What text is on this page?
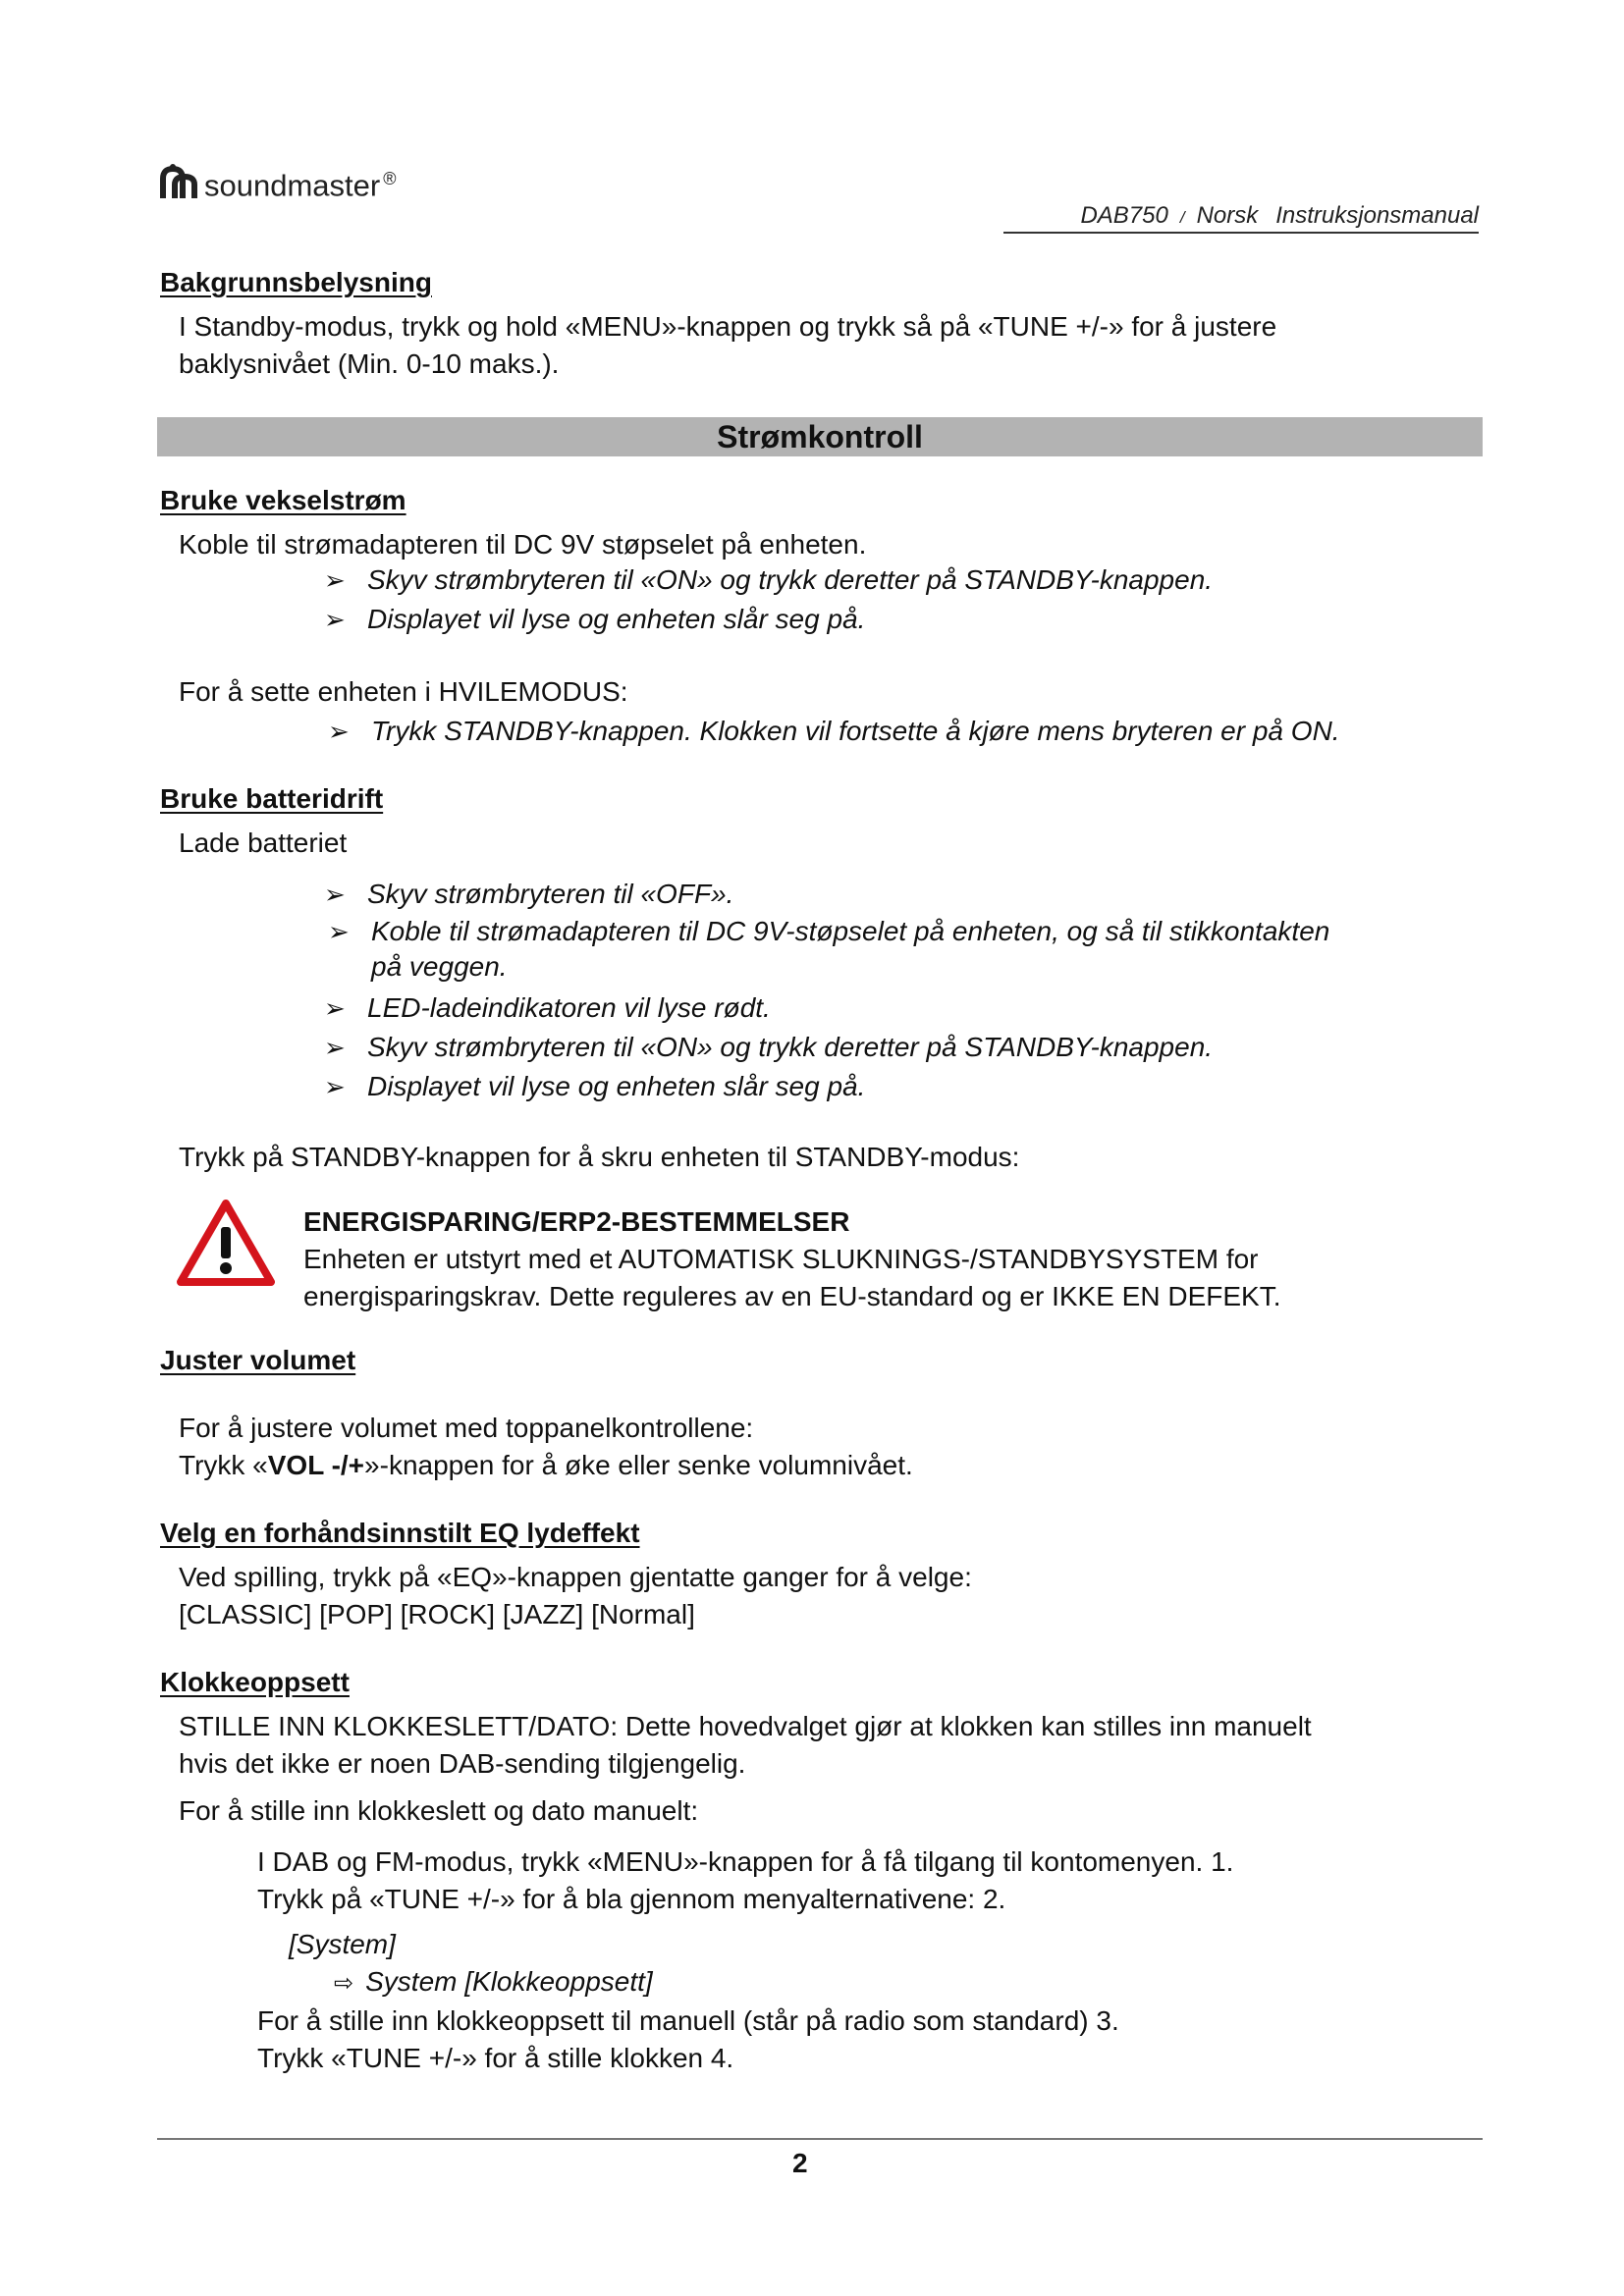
soundmaster ®
DAB750 / Norsk Instruksjonsmanual
Bakgrunnsbelysning

I Standby-modus, trykk og hold «MENU»-knappen og trykk så på «TUNE +/-» for å justere

baklysnivået (Min. 0-10 maks.).

Strømkontroll
Bruke vekselstrøm

Koble til strømadapteren til DC 9V støpselet på enheten.

➢ Skyv strømbryteren til «ON» og trykk deretter på STANDBY-knappen.
➢ Displayet vil lyse og enheten slår seg på.

For å sette enheten i HVILEMODUS:

➢ Trykk STANDBY-knappen. Klokken vil fortsette å kjøre mens bryteren er på ON.
Bruke batteridrift

Lade batteriet

➢ Skyv strømbryteren til «OFF».
➢ Koble til strømadapteren til DC 9V-støpselet på enheten, og så til stikkontakten
på veggen.
➢ LED-ladeindikatoren vil lyse rødt.
➢ Skyv strømbryteren til «ON» og trykk deretter på STANDBY-knappen.
➢ Displayet vil lyse og enheten slår seg på.

Trykk på STANDBY-knappen for å skru enheten til STANDBY-modus:

ENERGISPARING/ERP2-BESTEMMELSER

Enheten er utstyrt med et AUTOMATISK SLUKNINGS-/STANDBYSYSTEM for

energisparingskrav. Dette reguleres av en EU-standard og er IKKE EN DEFEKT.

Juster volumet

For å justere volumet med toppanelkontrollene:

Trykk «VOL -/+»-knappen for å øke eller senke volumnivået.

Velg en forhåndsinnstilt EQ lydeffekt

Ved spilling, trykk på «EQ»-knappen gjentatte ganger for å velge:

[CLASSIC] [POP] [ROCK] [JAZZ] [Normal]

Klokkeoppsett

STILLE INN KLOKKESLETT/DATO: Dette hovedvalget gjør at klokken kan stilles inn manuelt

hvis det ikke er noen DAB-sending tilgjengelig.

For å stille inn klokkeslett og dato manuelt:

I DAB og FM-modus, trykk «MENU»-knappen for å få tilgang til kontomenyen. 1.

Trykk på «TUNE +/-» for å bla gjennom menyalternativene: 2.

[System]

⇨ System [Klokkeoppsett]

For å stille inn klokkeoppsett til manuell (står på radio som standard) 3.

Trykk «TUNE +/-» for å stille klokken 4.

2
